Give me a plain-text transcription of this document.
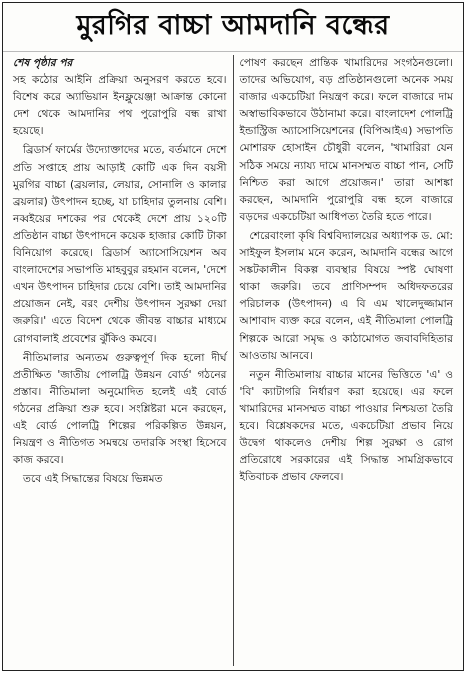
মুরগির বাচ্চা আমদানি বন্ধের
শেষ পৃষ্ঠার পর

সহ কঠোর আইনি প্রক্রিয়া অনুসরণ করতে হবে। বিশেষ করে অ্যাভিয়ান ইনফ্লুয়েঞ্জা আক্রান্ত কোনো দেশ থেকে আমদানির পথ পুরোপুরি বন্ধ রাখা হয়েছে।

ব্রিডার্স ফার্মের উদ্যোক্তাদের মতে, বর্তমানে দেশে প্রতি সপ্তাহে প্রায় আড়াই কোটি এক দিন বয়সী মুরগির বাচ্চা (ব্রয়লার, লেয়ার, সোনালি ও কালার ব্রয়লার) উৎপাদন হচ্ছে, যা চাহিদার তুলনায় বেশি। নব্বইয়ের দশকের পর থেকেই দেশে প্রায় ১২০টি প্রতিষ্ঠান বাচ্চা উৎপাদনে কয়েক হাজার কোটি টাকা বিনিয়োগ করেছে। ব্রিডার্স অ্যাসোসিয়েশন অব বাংলাদেশের সভাপতি মাহবুবুর রহমান বলেন, 'দেশে এখন উৎপাদন চাহিদার চেয়ে বেশি। তাই আমদানির প্রয়োজন নেই, বরং দেশীয় উৎপাদন সুরক্ষা দেয়া জরুরি।' এতে বিদেশ থেকে জীবন্ত বাচ্চার মাধ্যমে রোগবালাই প্রবেশের ঝুঁকিও কমবে।

নীতিমালার অন্যতম গুরুত্বপূর্ণ দিক হলো দীর্ঘ প্রতীক্ষিত 'জাতীয় পোলট্রি উন্নয়ন বোর্ড' গঠনের প্রস্তাব। নীতিমালা অনুমোদিত হলেই এই বোর্ড গঠনের প্রক্রিয়া শুরু হবে। সংশ্লিষ্টরা মনে করছেন, এই বোর্ড পোলট্রি শিল্পের পরিকল্পিত উন্নয়ন, নিয়ন্ত্রণ ও নীতিগত সমন্বয়ে তদারকি সংস্থা হিসেবে কাজ করবে।

তবে এই সিদ্ধান্তের বিষয়ে ভিন্নমত

পোষণ করছেন প্রান্তিক খামারিদের সংগঠনগুলো। তাদের অভিযোগ, বড় প্রতিষ্ঠানগুলো অনেক সময় বাজার একচেটিয়া নিয়ন্ত্রণ করে। ফলে বাজারে দাম অস্বাভাবিকভাবে উঠানামা করে। বাংলাদেশ পোলট্রি ইন্ডাস্ট্রিজ অ্যাসোসিয়েশনের (বিপিআইএ) সভাপতি মোশারফ হোসাইন চৌধুরী বলেন, 'খামারিরা যেন সঠিক সময়ে ন্যায্য দামে মানসম্মত বাচ্চা পান, সেটি নিশ্চিত করা আগে প্রয়োজন।' তারা আশঙ্কা করছেন, আমদানি পুরোপুরি বন্ধ হলে বাজারে বড়দের একচেটিয়া আধিপত্য তৈরি হতে পারে।

শেরেবাংলা কৃষি বিশ্ববিদ্যালয়ের অধ্যাপক ড. মো: সাইফুল ইসলাম মনে করেন, আমদানি বন্ধের আগে সঙ্কটকালীন বিকল্প ব্যবস্থার বিষয়ে স্পষ্ট ঘোষণা থাকা জরুরি। তবে প্রাণিসম্পদ অধিদফতরের পরিচালক (উৎপাদন) এ বি এম খালেদুজ্জামান আশাবাদ ব্যক্ত করে বলেন, এই নীতিমালা পোলট্রি শিল্পকে আরো সমৃদ্ধ ও কাঠামোগত জবাবদিহিতার আওতায় আনবে।

নতুন নীতিমালায় বাচ্চার মানের ভিত্তিতে 'এ' ও 'বি' ক্যাটাগরি নির্ধারণ করা হয়েছে। এর ফলে খামারিদের মানসম্মত বাচ্চা পাওয়ার নিশ্চয়তা তৈরি হবে। বিশ্লেষকদের মতে, একচেটিয়া প্রভাব নিয়ে উদ্বেগ থাকলেও দেশীয় শিল্প সুরক্ষা ও রোগ প্রতিরোধে সরকারের এই সিদ্ধান্ত সামগ্রিকভাবে ইতিবাচক প্রভাব ফেলবে।
